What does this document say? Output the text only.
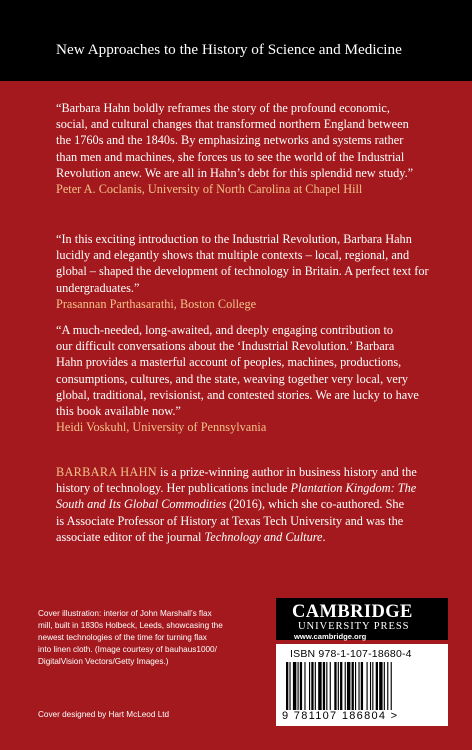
New Approaches to the History of Science and Medicine
“Barbara Hahn boldly reframes the story of the profound economic,
social, and cultural changes that transformed northern England between
the 1760s and the 1840s. By emphasizing networks and systems rather
than men and machines, she forces us to see the world of the Industrial
Revolution anew. We are all in Hahn’s debt for this splendid new study.”
Peter A. Coclanis, University of North Carolina at Chapel Hill
“In this exciting introduction to the Industrial Revolution, Barbara Hahn
lucidly and elegantly shows that multiple contexts – local, regional, and
global – shaped the development of technology in Britain. A perfect text for
undergraduates.”
Prasannan Parthasarathi, Boston College
“A much-needed, long-awaited, and deeply engaging contribution to
our difficult conversations about the ‘Industrial Revolution.’ Barbara
Hahn provides a masterful account of peoples, machines, productions,
consumptions, cultures, and the state, weaving together very local, very
global, traditional, revisionist, and contested stories. We are lucky to have
this book available now.”
Heidi Voskuhl, University of Pennsylvania
BARBARA HAHN is a prize-winning author in business history and the
history of technology. Her publications include Plantation Kingdom: The
South and Its Global Commodities (2016), which she co-authored. She
is Associate Professor of History at Texas Tech University and was the
associate editor of the journal Technology and Culture.
Cover illustration: interior of John Marshall’s flax
mill, built in 1830s Holbeck, Leeds, showcasing the
newest technologies of the time for turning flax
into linen cloth. (Image courtesy of bauhaus1000/
DigitalVision Vectors/Getty Images.)
Cover designed by Hart McLeod Ltd
CAMBRIDGE
UNIVERSITY PRESS
www.cambridge.org
ISBN 978-1-107-18680-4
9 781107 186804 >
